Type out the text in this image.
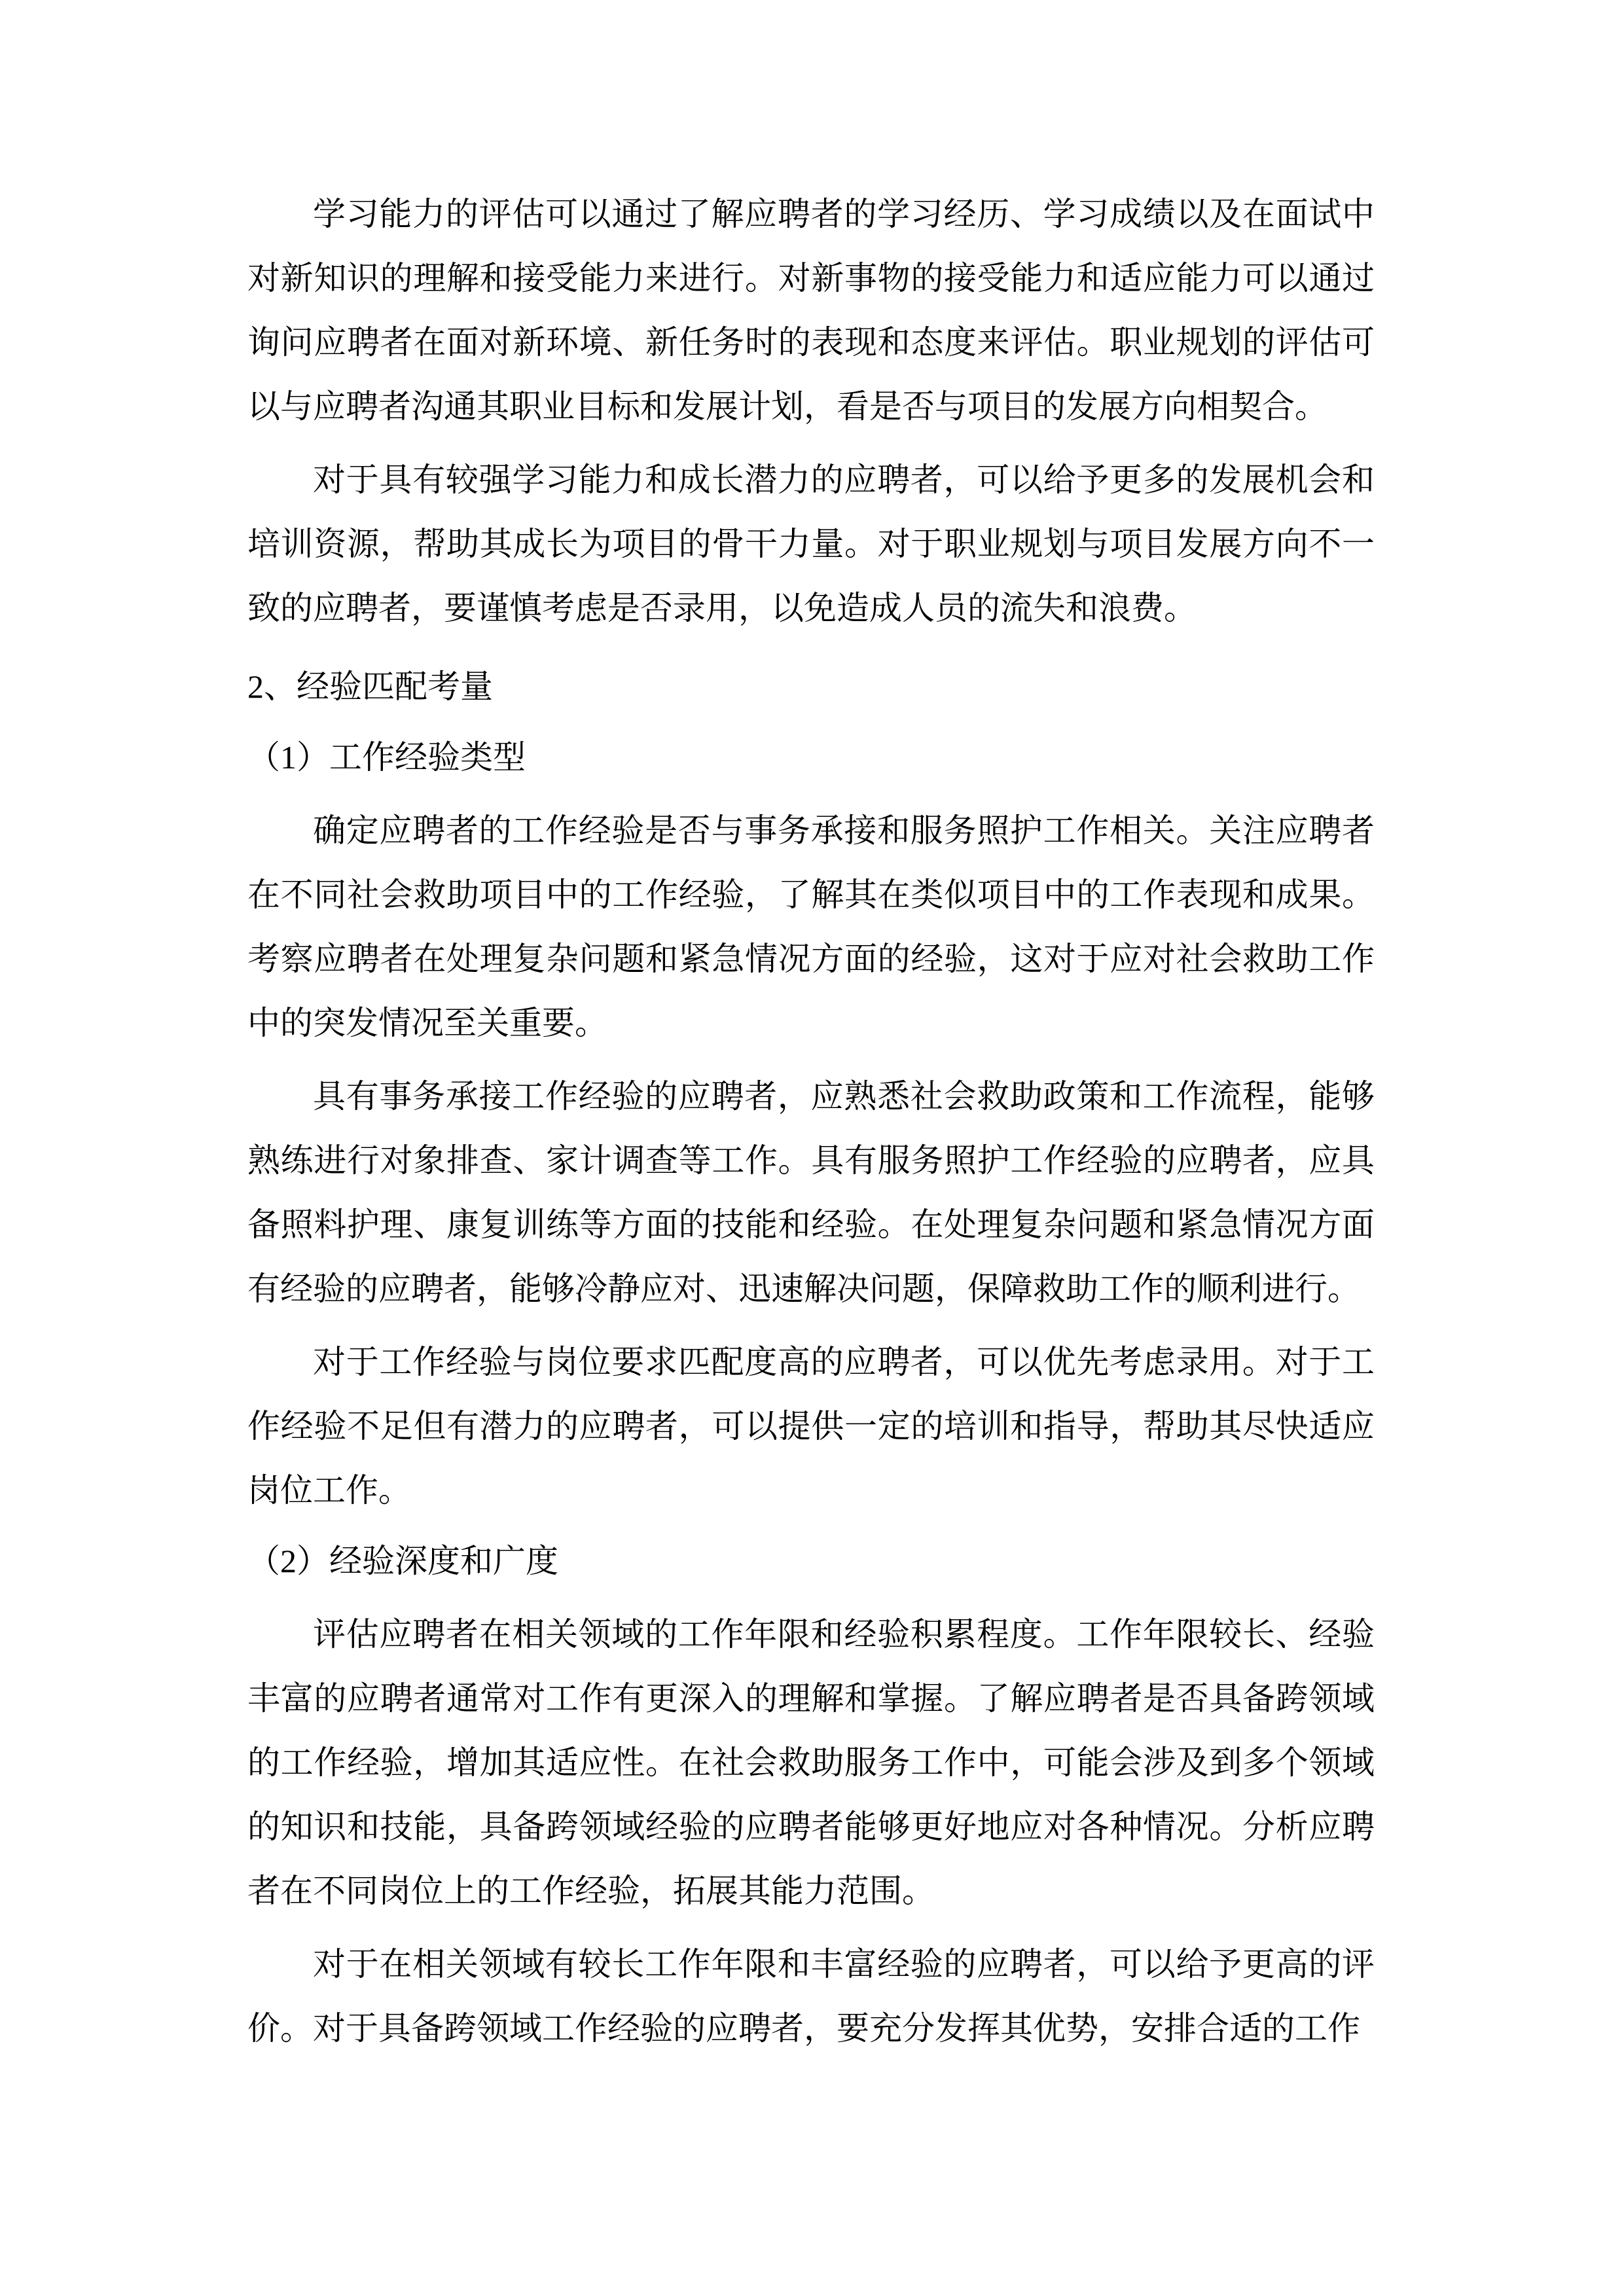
学习能力的评估可以通过了解应聘者的学习经历、学习成绩以及在面试中对新知识的理解和接受能力来进行。对新事物的接受能力和适应能力可以通过询问应聘者在面对新环境、新任务时的表现和态度来评估。职业规划的评估可以与应聘者沟通其职业目标和发展计划，看是否与项目的发展方向相契合。

对于具有较强学习能力和成长潜力的应聘者，可以给予更多的发展机会和培训资源，帮助其成长为项目的骨干力量。对于职业规划与项目发展方向不一致的应聘者，要谨慎考虑是否录用，以免造成人员的流失和浪费。

2、经验匹配考量

（1）工作经验类型

确定应聘者的工作经验是否与事务承接和服务照护工作相关。关注应聘者在不同社会救助项目中的工作经验，了解其在类似项目中的工作表现和成果。考察应聘者在处理复杂问题和紧急情况方面的经验，这对于应对社会救助工作中的突发情况至关重要。

具有事务承接工作经验的应聘者，应熟悉社会救助政策和工作流程，能够熟练进行对象排查、家计调查等工作。具有服务照护工作经验的应聘者，应具备照料护理、康复训练等方面的技能和经验。在处理复杂问题和紧急情况方面有经验的应聘者，能够冷静应对、迅速解决问题，保障救助工作的顺利进行。

对于工作经验与岗位要求匹配度高的应聘者，可以优先考虑录用。对于工作经验不足但有潜力的应聘者，可以提供一定的培训和指导，帮助其尽快适应岗位工作。

（2）经验深度和广度

评估应聘者在相关领域的工作年限和经验积累程度。工作年限较长、经验丰富的应聘者通常对工作有更深入的理解和掌握。了解应聘者是否具备跨领域的工作经验，增加其适应性。在社会救助服务工作中，可能会涉及到多个领域的知识和技能，具备跨领域经验的应聘者能够更好地应对各种情况。分析应聘者在不同岗位上的工作经验，拓展其能力范围。

对于在相关领域有较长工作年限和丰富经验的应聘者，可以给予更高的评价。对于具备跨领域工作经验的应聘者，要充分发挥其优势，安排合适的工作
